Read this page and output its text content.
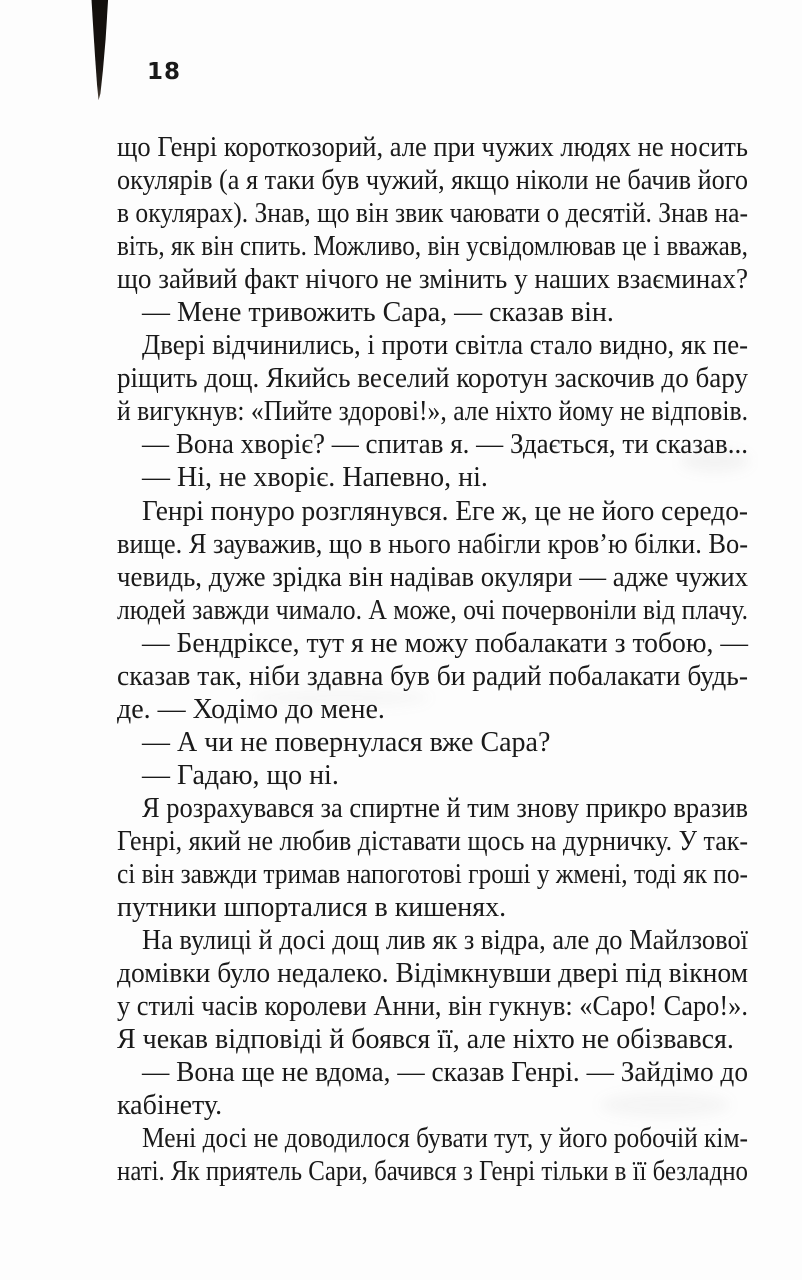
18
що Генрі короткозорий, але при чужих людях не носить
окулярів (а я таки був чужий, якщо ніколи не бачив його
в окулярах). Знав, що він звик чаювати о десятій. Знав на-
віть, як він спить. Можливо, він усвідомлював це і вважав,
що зайвий факт нічого не змінить у наших взаєминах?
— Мене тривожить Сара, — сказав він.
Двері відчинились, і проти світла стало видно, як пе-
ріщить дощ. Якийсь веселий коротун заскочив до бару
й вигукнув: «Пийте здорові!», але ніхто йому не відповів.
— Вона хворіє? — спитав я. — Здається, ти сказав...
— Ні, не хворіє. Напевно, ні.
Генрі понуро розглянувся. Еге ж, це не його середо-
вище. Я зауважив, що в нього набігли кров’ю білки. Во-
чевидь, дуже зрідка він надівав окуляри — адже чужих
людей завжди чимало. А може, очі почервоніли від плачу.
— Бендріксе, тут я не можу побалакати з тобою, —
сказав так, ніби здавна був би радий побалакати будь-
де. — Ходімо до мене.
— А чи не повернулася вже Сара?
— Гадаю, що ні.
Я розрахувався за спиртне й тим знову прикро вразив
Генрі, який не любив діставати щось на дурничку. У так-
сі він завжди тримав напоготові гроші у жмені, тоді як по-
путники шпорталися в кишенях.
На вулиці й досі дощ лив як з відра, але до Майлзової
домівки було недалеко. Відімкнувши двері під вікном
у стилі часів королеви Анни, він гукнув: «Саро! Саро!».
Я чекав відповіді й боявся її, але ніхто не обізвався.
— Вона ще не вдома, — сказав Генрі. — Зайдімо до
кабінету.
Мені досі не доводилося бувати тут, у його робочій кім-
наті. Як приятель Сари, бачився з Генрі тільки в її безладно
